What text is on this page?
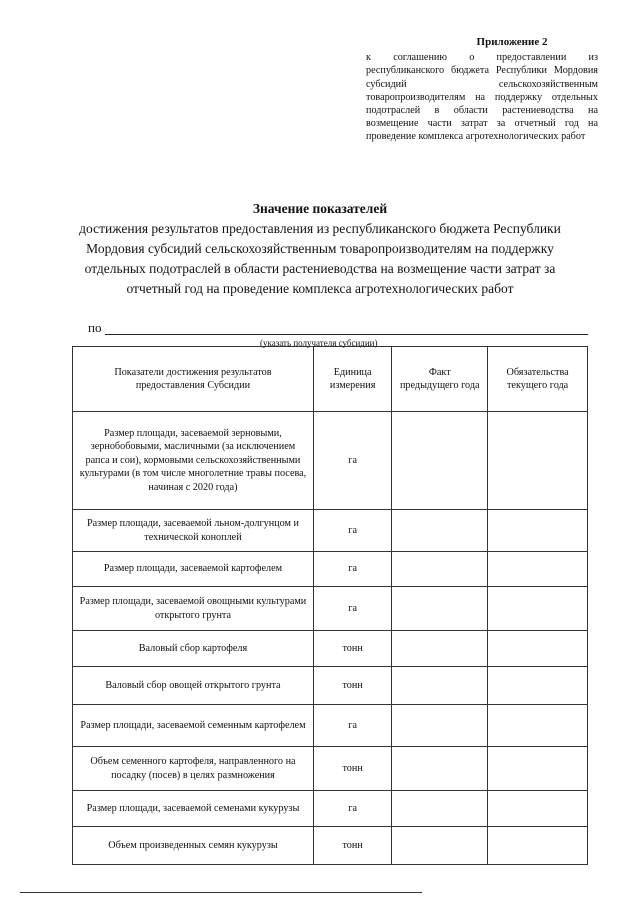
Приложение 2
к соглашению о предоставлении из республиканского бюджета Республики Мордовия субсидий сельскохозяйственным товаропроизводителям на поддержку отдельных подотраслей в области растениеводства на возмещение части затрат за отчетный год на проведение комплекса агротехнологических работ
Значение показателей
достижения результатов предоставления из республиканского бюджета Республики Мордовия субсидий сельскохозяйственным товаропроизводителям на поддержку отдельных подотраслей в области растениеводства на возмещение части затрат за отчетный год на проведение комплекса агротехнологических работ
по
(указать получателя субсидии)
Показатели достижения результатов предоставления Субсидии	Единица измерения	Факт предыдущего года	Обязательства текущего года
Размер площади, засеваемой зерновыми, зернобобовыми, масличными (за исключением рапса и сои), кормовыми сельскохозяйственными культурами (в том числе многолетние травы посева, начиная с 2020 года)	га		
Размер площади, засеваемой льном-долгунцом и технической коноплей	га		
Размер площади, засеваемой картофелем	га		
Размер площади, засеваемой овощными культурами открытого грунта	га		
Валовый сбор картофеля	тонн		
Валовый сбор овощей открытого грунта	тонн		
Размер площади, засеваемой семенным картофелем	га		
Объем семенного картофеля, направленного на посадку (посев) в целях размножения	тонн		
Размер площади, засеваемой семенами кукурузы	га		
Объем произведенных семян кукурузы	тонн		
